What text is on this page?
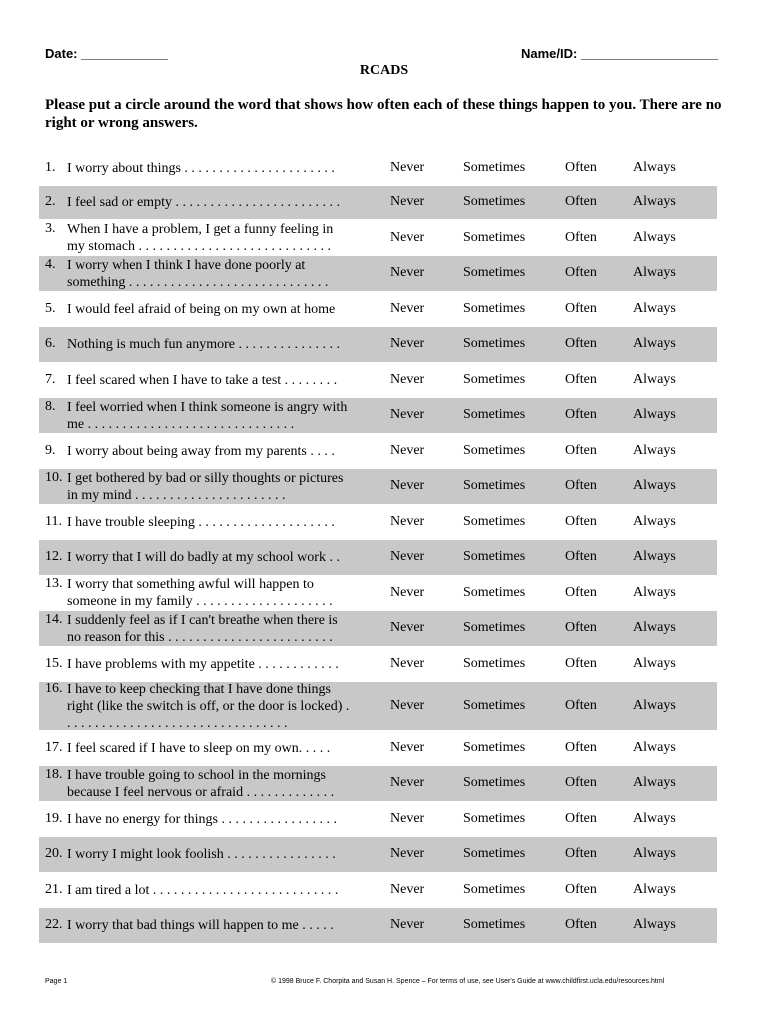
Date: ____________	Name/ID: ___________________
RCADS
Please put a circle around the word that shows how often each of these things happen to you. There are no right or wrong answers.
1. I worry about things . . . . . . . . . . . . . . . . . . . . . .	Never	Sometimes	Often	Always
2. I feel sad or empty . . . . . . . . . . . . . . . . . . . . . . . .	Never	Sometimes	Often	Always
3. When I have a problem, I get a funny feeling in
my stomach . . . . . . . . . . . . . . . . . . . . . . . . . . . .
Never	Sometimes	Often	Always
4. I worry when I think I have done poorly at
something . . . . . . . . . . . . . . . . . . . . . . . . . . . . .
Never	Sometimes	Often	Always
5. I would feel afraid of being on my own at home	Never	Sometimes	Often	Always
6. Nothing is much fun anymore . . . . . . . . . . . . . . .	Never	Sometimes	Often	Always
7. I feel scared when I have to take a test . . . . . . . .	Never	Sometimes	Often	Always
8. I feel worried when I think someone is angry with
me . . . . . . . . . . . . . . . . . . . . . . . . . . . . . .
Never	Sometimes	Often	Always
9. I worry about being away from my parents . . . .	Never	Sometimes	Often	Always
10. I get bothered by bad or silly thoughts or pictures
in my mind . . . . . . . . . . . . . . . . . . . . . .
Never	Sometimes	Often	Always
11. I have trouble sleeping . . . . . . . . . . . . . . . . . . . .	Never	Sometimes	Often	Always
12. I worry that I will do badly at my school work . .	Never	Sometimes	Often	Always
13. I worry that something awful will happen to
someone in my family . . . . . . . . . . . . . . . . . . . .
Never	Sometimes	Often	Always
14. I suddenly feel as if I can't breathe when there is
no reason for this . . . . . . . . . . . . . . . . . . . . . . . .
Never	Sometimes	Often	Always
15. I have problems with my appetite . . . . . . . . . . . .	Never	Sometimes	Often	Always
16. I have to keep checking that I have done things
right (like the switch is off, or the door is locked) .
. . . . . . . . . . . . . . . . . . . . . . . . . . . . . . . .
Never	Sometimes	Often	Always
17. I feel scared if I have to sleep on my own. . . . .	Never	Sometimes	Often	Always
18. I have trouble going to school in the mornings
because I feel nervous or afraid . . . . . . . . . . . . .
Never	Sometimes	Often	Always
19. I have no energy for things . . . . . . . . . . . . . . . . .	Never	Sometimes	Often	Always
20. I worry I might look foolish . . . . . . . . . . . . . . . .	Never	Sometimes	Often	Always
21. I am tired a lot . . . . . . . . . . . . . . . . . . . . . . . . . . .	Never	Sometimes	Often	Always
22. I worry that bad things will happen to me . . . . .	Never	Sometimes	Often	Always
Page 1	© 1998 Bruce F. Chorpita and Susan H. Spence – For terms of use, see User's Guide at www.childfirst.ucla.edu/resources.html
